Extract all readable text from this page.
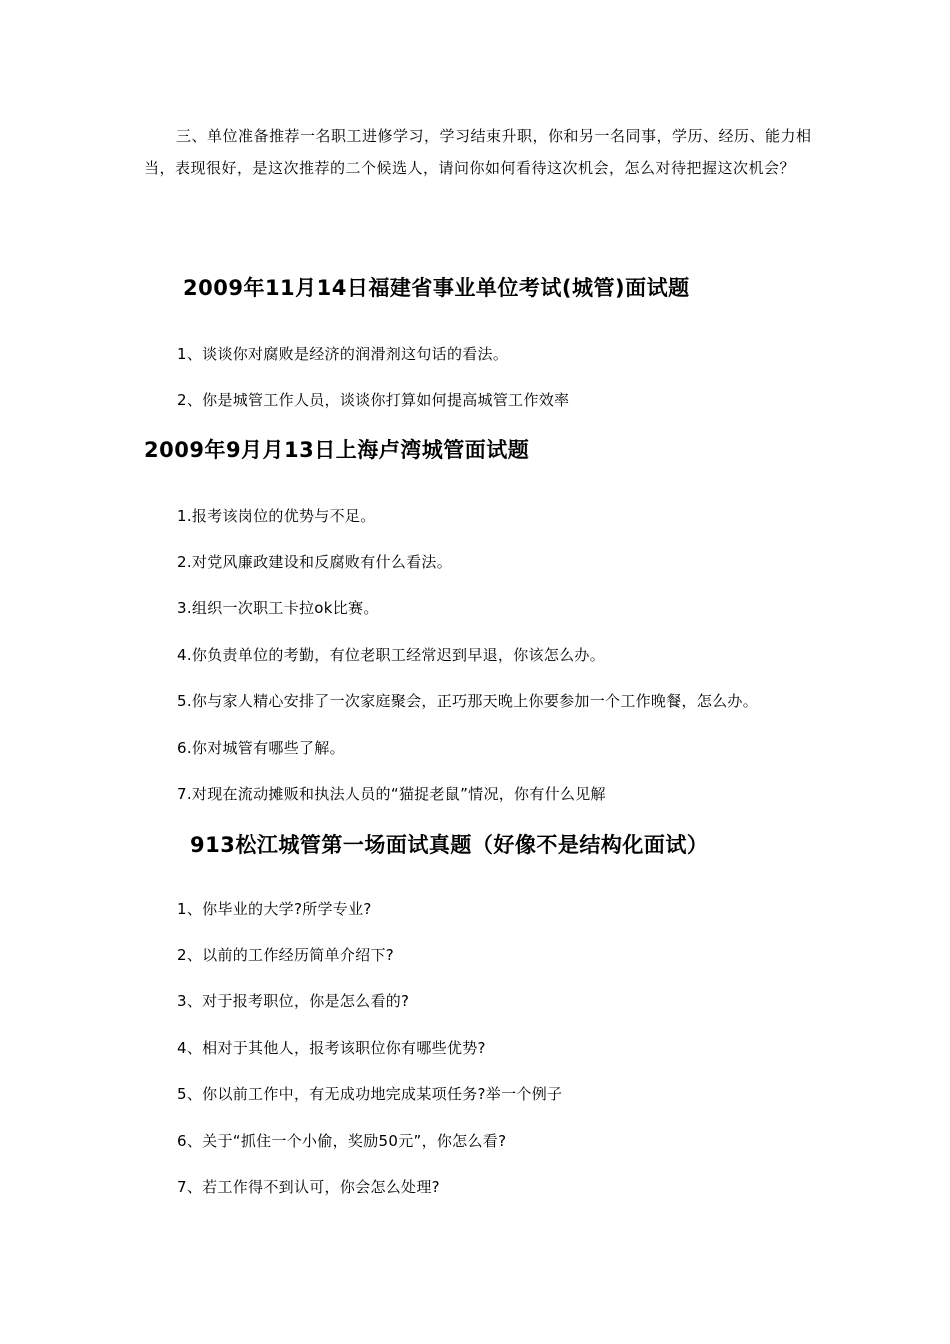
三、单位准备推荐一名职工进修学习，学习结束升职，你和另一名同事，学历、经历、能力相当，表现很好，是这次推荐的二个候选人，请问你如何看待这次机会，怎么对待把握这次机会？

2009年11月14日福建省事业单位考试(城管)面试题

1、谈谈你对腐败是经济的润滑剂这句话的看法。

2、你是城管工作人员，谈谈你打算如何提高城管工作效率

2009年9月月13日上海卢湾城管面试题

1.报考该岗位的优势与不足。

2.对党风廉政建设和反腐败有什么看法。

3.组织一次职工卡拉ok比赛。

4.你负责单位的考勤，有位老职工经常迟到早退，你该怎么办。

5.你与家人精心安排了一次家庭聚会，正巧那天晚上你要参加一个工作晚餐，怎么办。

6.你对城管有哪些了解。

7.对现在流动摊贩和执法人员的“猫捉老鼠”情况，你有什么见解

913松江城管第一场面试真题（好像不是结构化面试）

1、你毕业的大学?所学专业?

2、以前的工作经历简单介绍下?

3、对于报考职位，你是怎么看的?

4、相对于其他人，报考该职位你有哪些优势?

5、你以前工作中，有无成功地完成某项任务?举一个例子

6、关于“抓住一个小偷，奖励50元”，你怎么看?

7、若工作得不到认可，你会怎么处理?
